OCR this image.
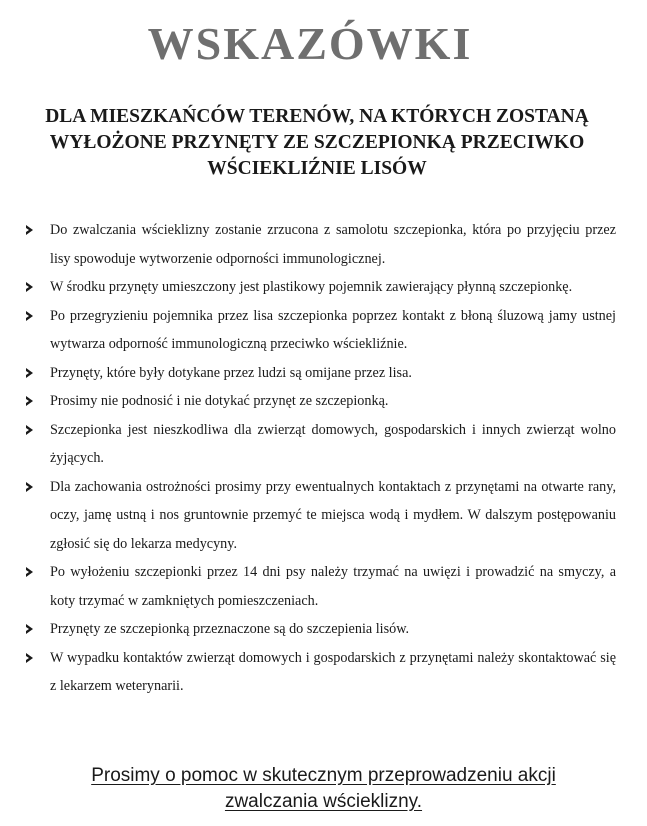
WSKAZÓWKI
DLA MIESZKAŃCÓW TERENÓW, NA KTÓRYCH ZOSTANĄ
WYŁOŻONE PRZYNĘTY ZE SZCZEPIONKĄ PRZECIWKO
WŚCIEKLIŹNIE LISÓW
Do zwalczania wścieklizny zostanie zrzucona z samolotu szczepionka, która po przyjęciu przez lisy spowoduje wytworzenie odporności immunologicznej.
W środku przynęty umieszczony jest plastikowy pojemnik zawierający płynną szczepionkę.
Po przegryzieniu pojemnika przez lisa szczepionka poprzez kontakt z błoną śluzową jamy ustnej wytwarza odporność immunologiczną przeciwko wściekliźnie.
Przynęty, które były dotykane przez ludzi są omijane przez lisa.
Prosimy nie podnosić i nie dotykać przynęt ze szczepionką.
Szczepionka jest nieszkodliwa dla zwierząt domowych, gospodarskich i innych zwierząt wolno żyjących.
Dla zachowania ostrożności prosimy przy ewentualnych kontaktach z przynętami na otwarte rany, oczy, jamę ustną i nos gruntownie przemyć te miejsca wodą i mydłem. W dalszym postępowaniu zgłosić się do lekarza medycyny.
Po wyłożeniu szczepionki przez 14 dni psy należy trzymać na uwięzi i prowadzić na smyczy, a koty trzymać w zamkniętych pomieszczeniach.
Przynęty ze szczepionką przeznaczone są do szczepienia lisów.
W wypadku kontaktów zwierząt domowych i gospodarskich z przynętami należy skontaktować się z lekarzem weterynarii.
Prosimy o pomoc w skutecznym przeprowadzeniu akcji
zwalczania wścieklizny.
